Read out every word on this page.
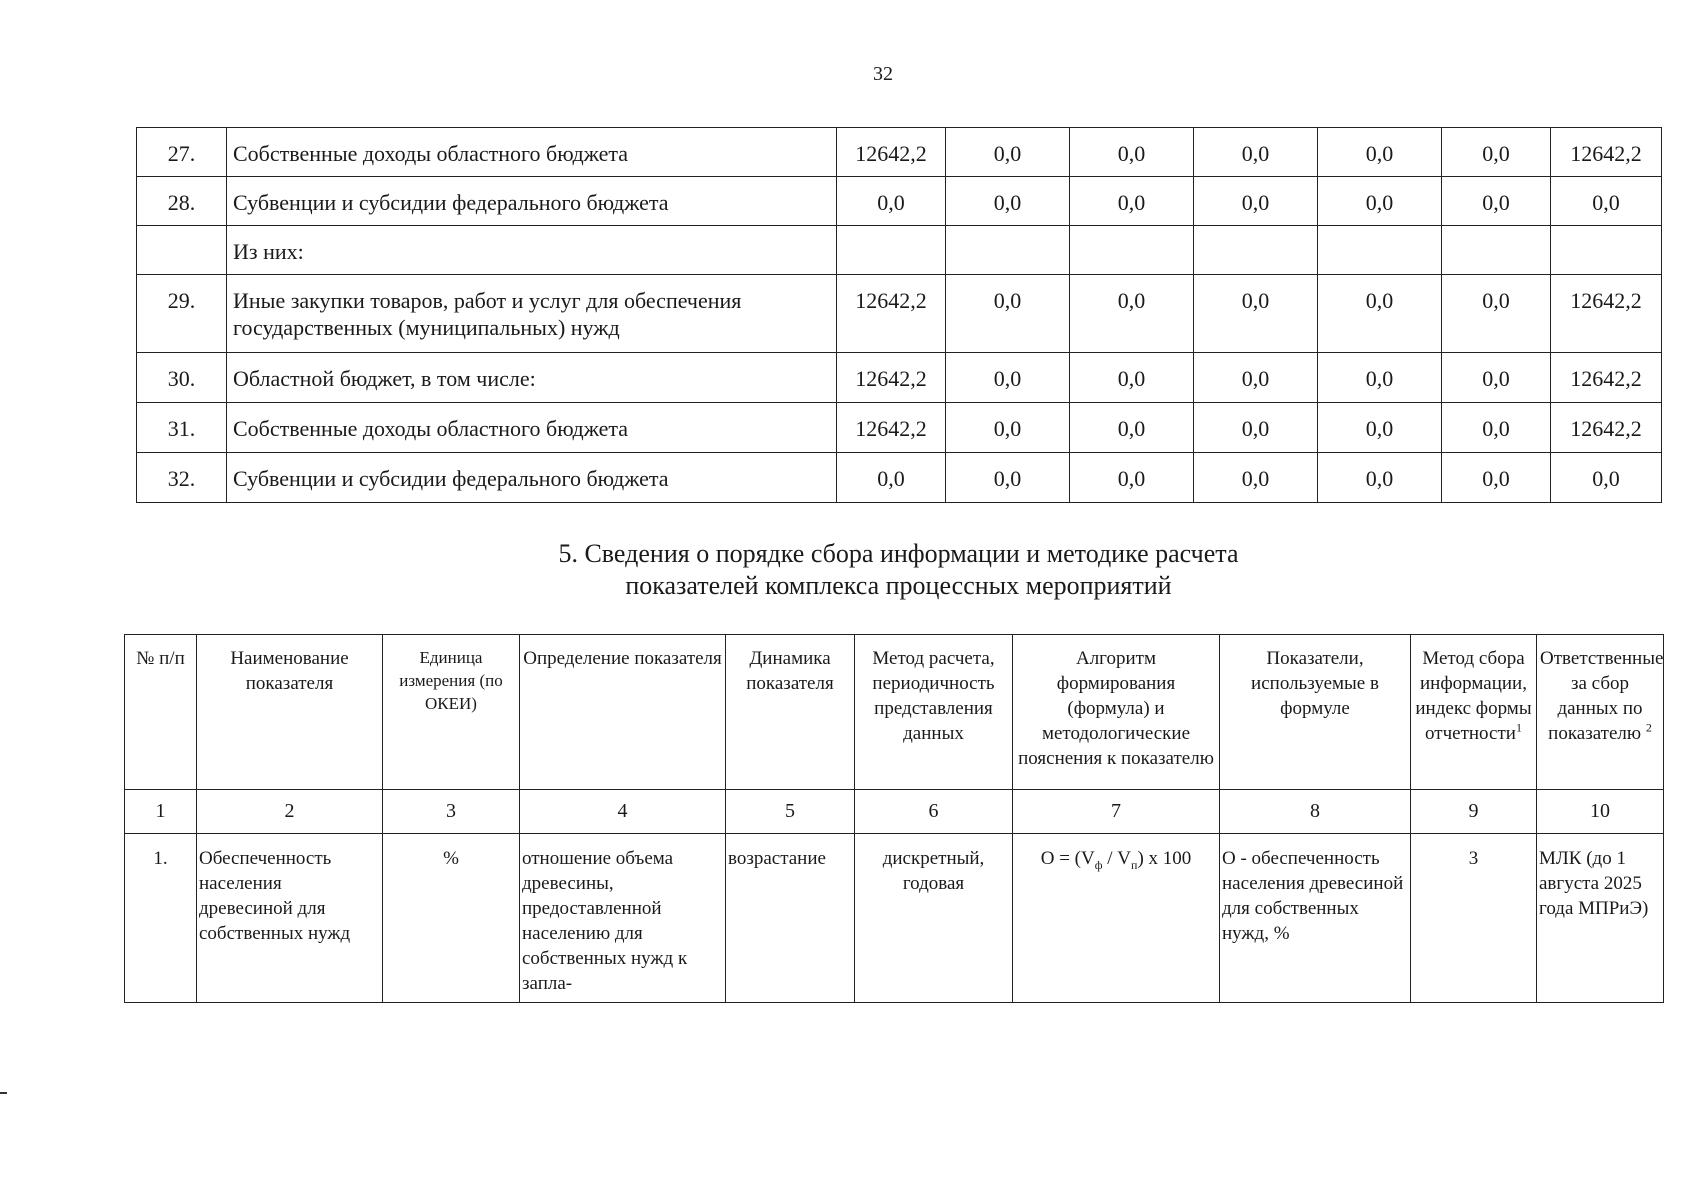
32
27.	Собственные доходы областного бюджета	12642,2	0,0	0,0	0,0	0,0	0,0	12642,2
28.	Субвенции и субсидии федерального бюджета	0,0	0,0	0,0	0,0	0,0	0,0	0,0
	Из них:							
29.	Иные закупки товаров, работ и услуг для обеспечения государственных (муниципальных) нужд	12642,2	0,0	0,0	0,0	0,0	0,0	12642,2
30.	Областной бюджет, в том числе:	12642,2	0,0	0,0	0,0	0,0	0,0	12642,2
31.	Собственные доходы областного бюджета	12642,2	0,0	0,0	0,0	0,0	0,0	12642,2
32.	Субвенции и субсидии федерального бюджета	0,0	0,0	0,0	0,0	0,0	0,0	0,0
5. Сведения о порядке сбора информации и методике расчета
показателей комплекса процессных мероприятий
№ п/п	Наименование показателя	Единица измерения (по ОКЕИ)	Определение показателя	Динамика показателя	Метод расчета, периодичность представления данных	Алгоритм формирования (формула) и методологические пояснения к показателю	Показатели, используемые в формуле	Метод сбора информации, индекс формы отчетности$^1$	Ответственные за сбор данных по показателю $^2$
1	2	3	4	5	6	7	8	9	10
1.	Обеспеченность населения древесиной для собственных нужд	%	отношение объема древесины, предоставленной населению для собственных нужд к запла-	возрастание	дискретный, годовая	$О = (V_ф / V_п)$ х 100	О - обеспеченность населения древесиной для собственных нужд, %	3	МЛК (до 1 августа 2025 года МПРиЭ)
